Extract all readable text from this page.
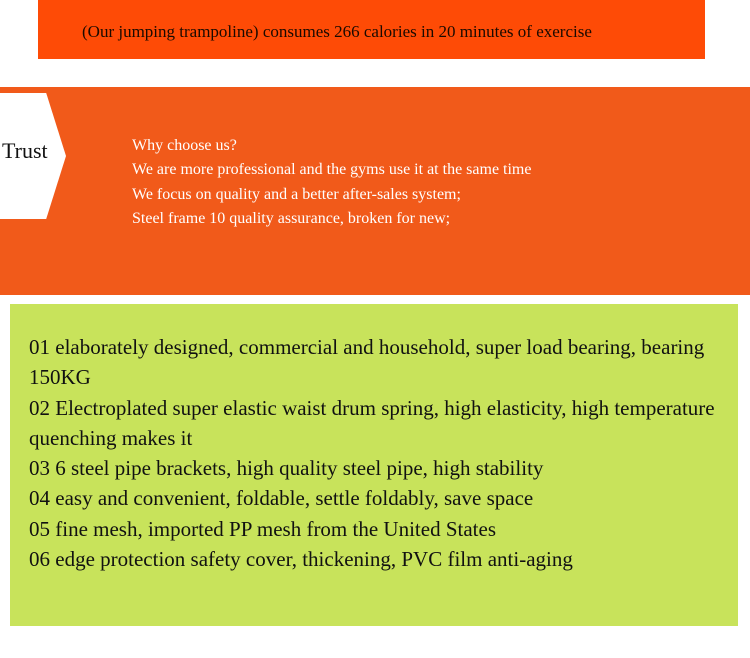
(Our jumping trampoline) consumes 266 calories in 20 minutes of exercise
Trust	Why choose us?
We are more professional and the gyms use it at the same time
We focus on quality and a better after-sales system;
Steel frame 10 quality assurance, broken for new;
01 elaborately designed, commercial and household, super load bearing, bearing 150KG
02 Electroplated super elastic waist drum spring, high elasticity, high temperature quenching makes it
03 6 steel pipe brackets, high quality steel pipe, high stability
04 easy and convenient, foldable, settle foldably, save space
05 fine mesh, imported PP mesh from the United States
06 edge protection safety cover, thickening, PVC film anti-aging
